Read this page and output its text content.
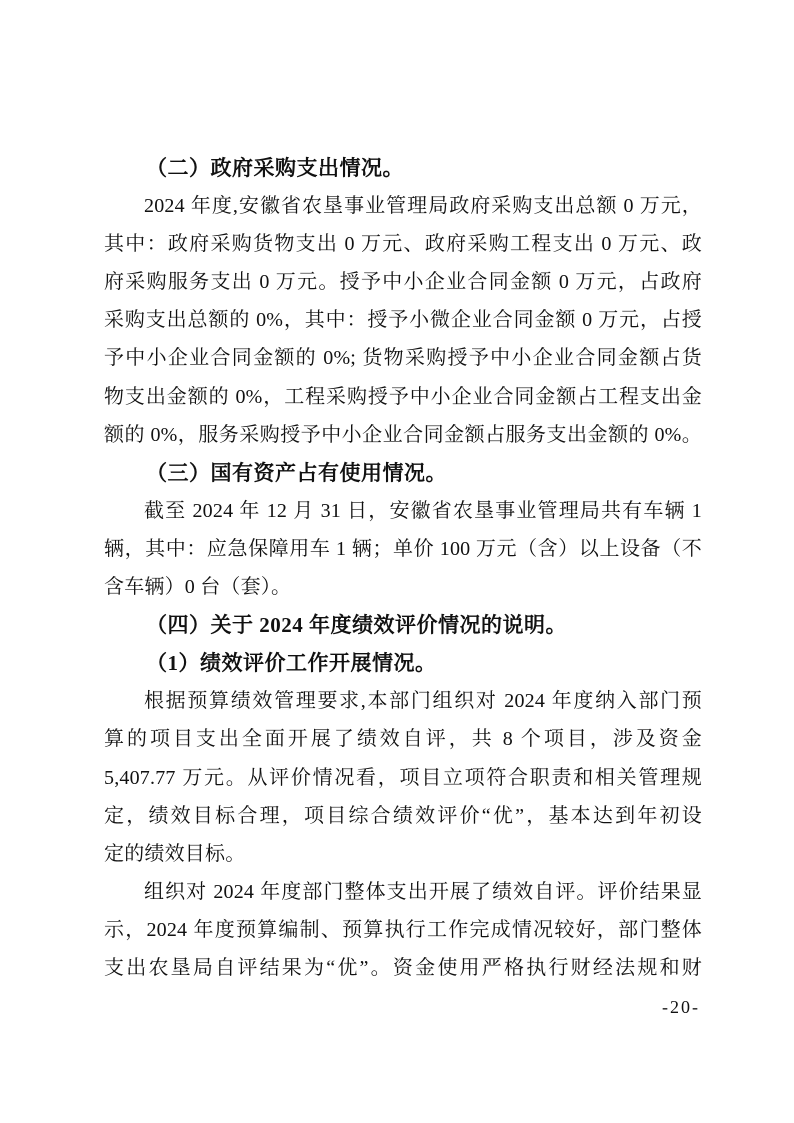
（二）政府采购支出情况。
2024 年度,安徽省农垦事业管理局政府采购支出总额 0 万元，
其中：政府采购货物支出 0 万元、政府采购工程支出 0 万元、政
府采购服务支出 0 万元。授予中小企业合同金额 0 万元，占政府
采购支出总额的 0%，其中：授予小微企业合同金额 0 万元，占授
予中小企业合同金额的 0%; 货物采购授予中小企业合同金额占货
物支出金额的 0%，工程采购授予中小企业合同金额占工程支出金
额的 0%，服务采购授予中小企业合同金额占服务支出金额的 0%。
（三）国有资产占有使用情况。
截至 2024 年 12 月 31 日，安徽省农垦事业管理局共有车辆 1
辆，其中：应急保障用车 1 辆；单价 100 万元（含）以上设备（不
含车辆）0 台（套）。
（四）关于 2024 年度绩效评价情况的说明。
（1）绩效评价工作开展情况。
根据预算绩效管理要求,本部门组织对 2024 年度纳入部门预
算的项目支出全面开展了绩效自评，共 8 个项目，涉及资金
5,407.77 万元。从评价情况看，项目立项符合职责和相关管理规
定，绩效目标合理，项目综合绩效评价“优”，基本达到年初设
定的绩效目标。
组织对 2024 年度部门整体支出开展了绩效自评。评价结果显
示，2024 年度预算编制、预算执行工作完成情况较好，部门整体
支出农垦局自评结果为“优”。资金使用严格执行财经法规和财
-20-
